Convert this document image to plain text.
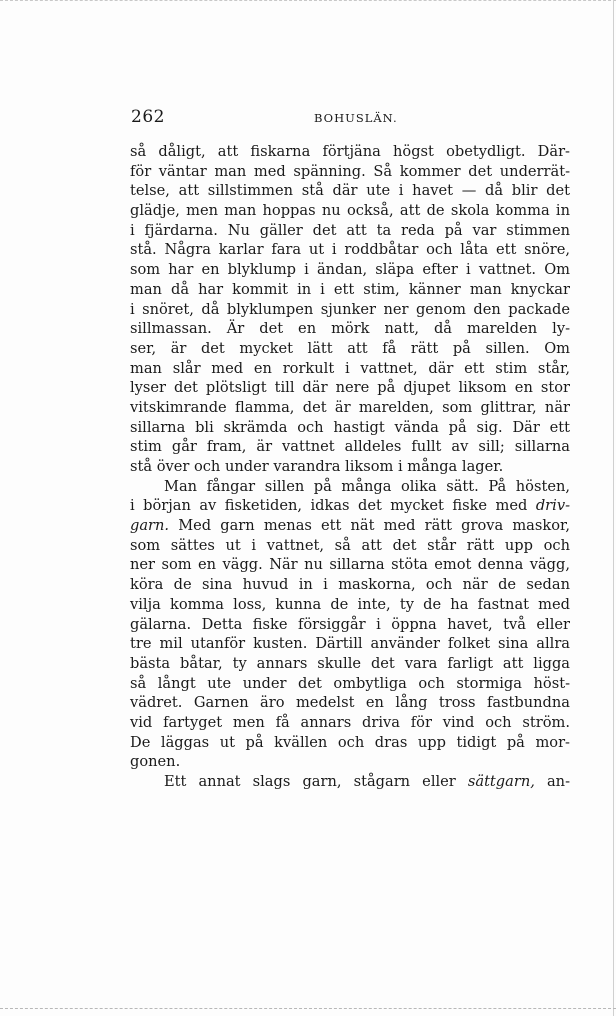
262	BOHUSLÄN.
så dåligt, att fiskarna förtjäna högst obetydligt. Där-
för väntar man med spänning. Så kommer det underrät-
telse, att sillstimmen stå där ute i havet — då blir det
glädje, men man hoppas nu också, att de skola komma in
i fjärdarna. Nu gäller det att ta reda på var stimmen
stå. Några karlar fara ut i roddbåtar och låta ett snöre,
som har en blyklump i ändan, släpa efter i vattnet. Om
man då har kommit in i ett stim, känner man knyckar
i snöret, då blyklumpen sjunker ner genom den packade
sillmassan. Är det en mörk natt, då marelden ly-
ser, är det mycket lätt att få rätt på sillen. Om
man slår med en rorkult i vattnet, där ett stim står,
lyser det plötsligt till där nere på djupet liksom en stor
vitskimrande flamma, det är marelden, som glittrar, när
sillarna bli skrämda och hastigt vända på sig. Där ett
stim går fram, är vattnet alldeles fullt av sill; sillarna
stå över och under varandra liksom i många lager.
Man fångar sillen på många olika sätt. På hösten,
i början av fisketiden, idkas det mycket fiske med driv-
garn. Med garn menas ett nät med rätt grova maskor,
som sättes ut i vattnet, så att det står rätt upp och
ner som en vägg. När nu sillarna stöta emot denna vägg,
köra de sina huvud in i maskorna, och när de sedan
vilja komma loss, kunna de inte, ty de ha fastnat med
gälarna. Detta fiske försiggår i öppna havet, två eller
tre mil utanför kusten. Därtill använder folket sina allra
bästa båtar, ty annars skulle det vara farligt att ligga
så långt ute under det ombytliga och stormiga höst-
vädret. Garnen äro medelst en lång tross fastbundna
vid fartyget men få annars driva för vind och ström.
De läggas ut på kvällen och dras upp tidigt på mor-
gonen.
Ett annat slags garn, stågarn eller sättgarn, an-
